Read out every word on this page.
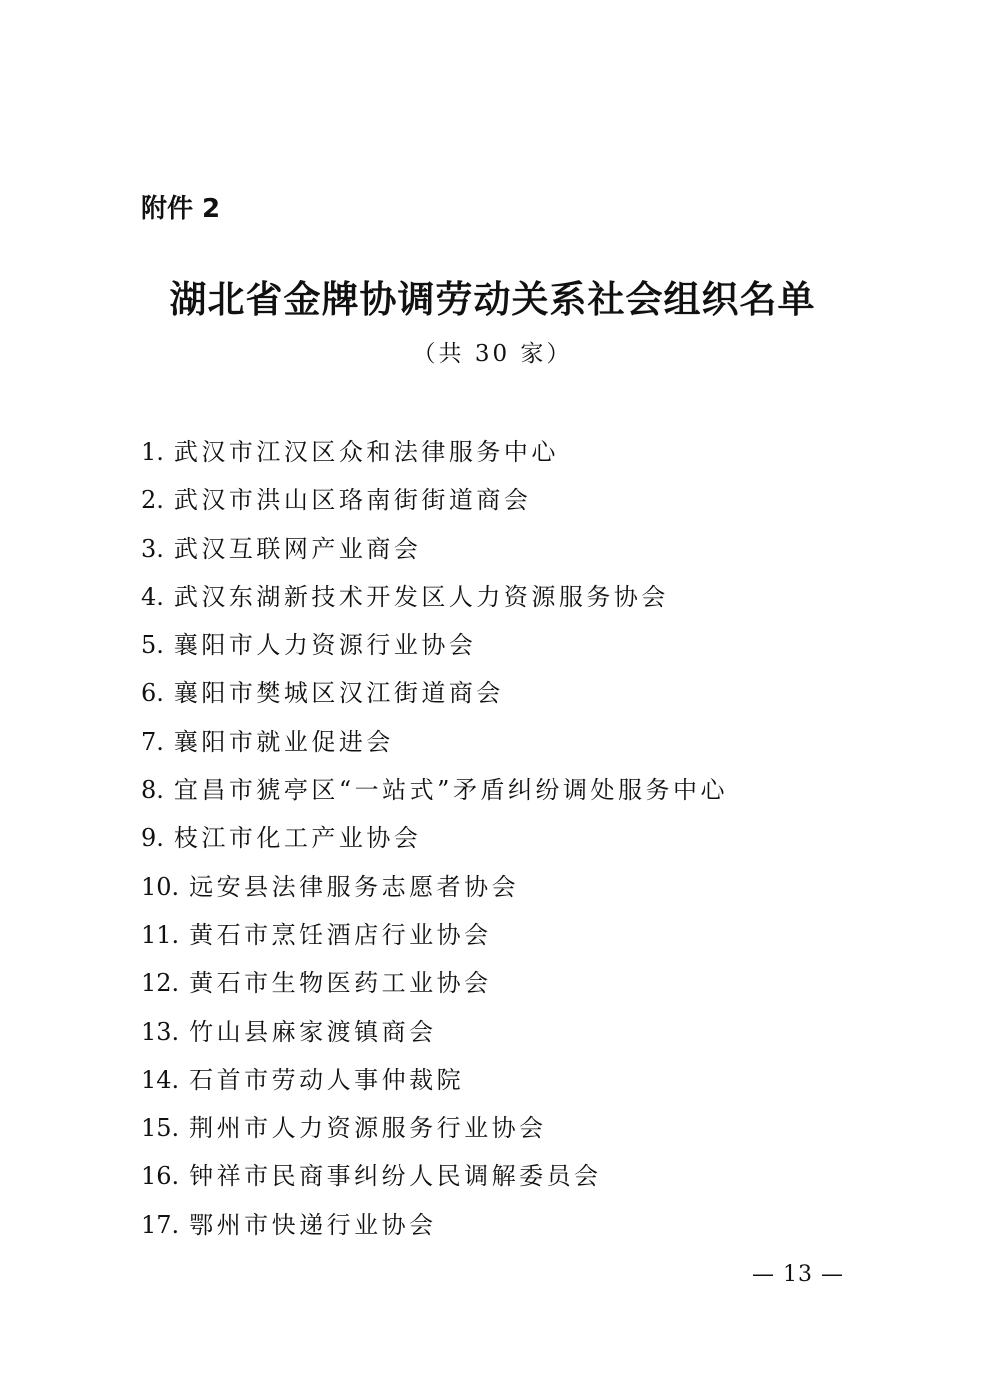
附件 2
湖北省金牌协调劳动关系社会组织名单
（共 30 家）
1. 武汉市江汉区众和法律服务中心
2. 武汉市洪山区珞南街街道商会
3. 武汉互联网产业商会
4. 武汉东湖新技术开发区人力资源服务协会
5. 襄阳市人力资源行业协会
6. 襄阳市樊城区汉江街道商会
7. 襄阳市就业促进会
8. 宜昌市猇亭区“一站式”矛盾纠纷调处服务中心
9. 枝江市化工产业协会
10. 远安县法律服务志愿者协会
11. 黄石市烹饪酒店行业协会
12. 黄石市生物医药工业协会
13. 竹山县麻家渡镇商会
14. 石首市劳动人事仲裁院
15. 荆州市人力资源服务行业协会
16. 钟祥市民商事纠纷人民调解委员会
17. 鄂州市快递行业协会
— 13 —
